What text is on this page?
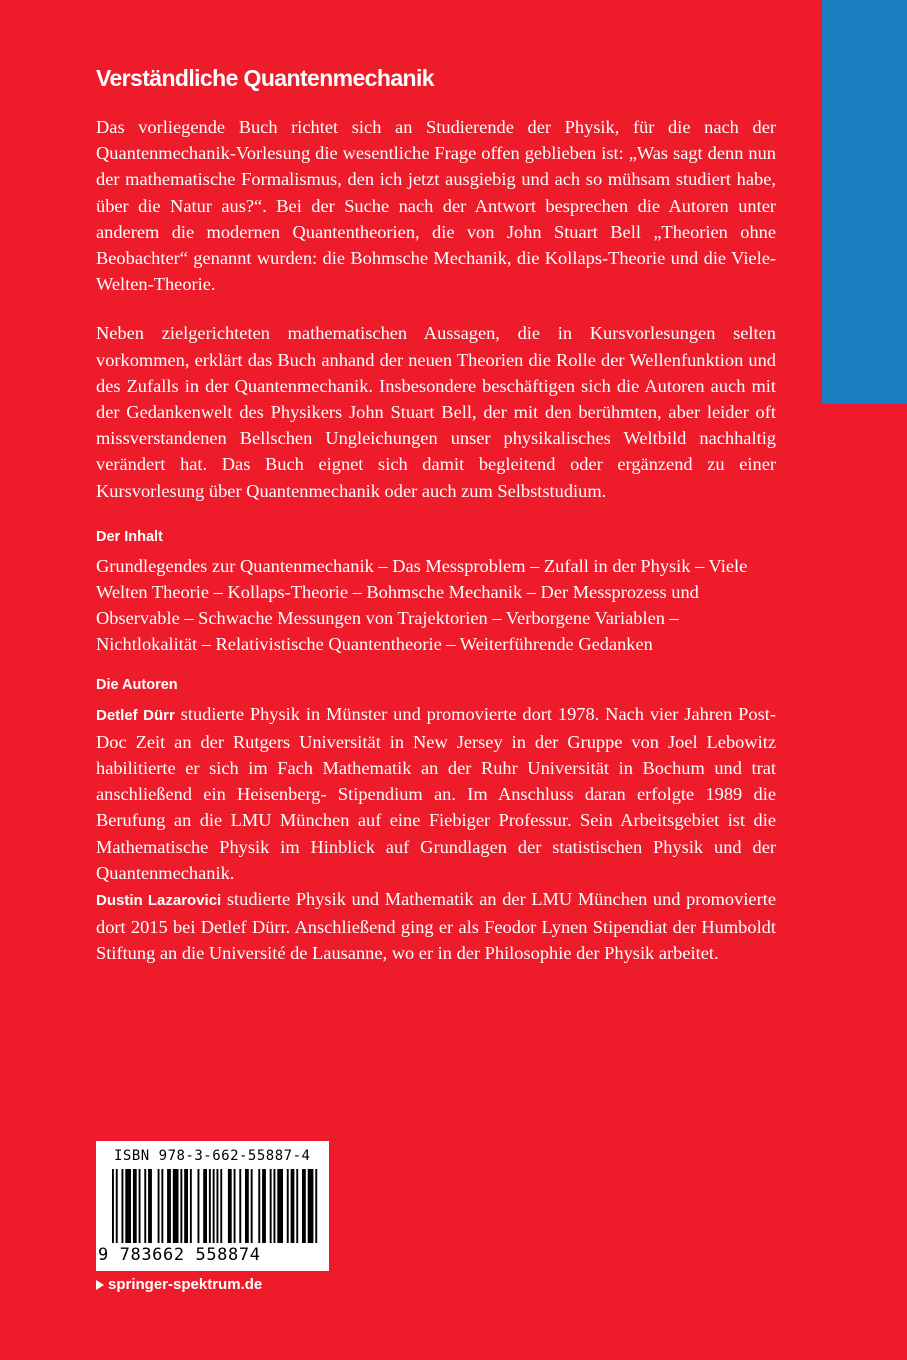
Verständliche Quantenmechanik

Das vorliegende Buch richtet sich an Studierende der Physik, für die nach der Quantenmechanik-Vorlesung die wesentliche Frage offen geblieben ist: „Was sagt denn nun der mathematische Formalismus, den ich jetzt ausgiebig und ach so mühsam studiert habe, über die Natur aus?“. Bei der Suche nach der Antwort besprechen die Autoren unter anderem die modernen Quantentheorien, die von John Stuart Bell „Theorien ohne Beobachter“ genannt wurden: die Bohmsche Mechanik, die Kollaps-Theorie und die Viele-Welten-Theorie.

Neben zielgerichteten mathematischen Aussagen, die in Kursvorlesungen selten vorkommen, erklärt das Buch anhand der neuen Theorien die Rolle der Wellenfunktion und des Zufalls in der Quantenmechanik. Insbesondere beschäftigen sich die Autoren auch mit der Gedankenwelt des Physikers John Stuart Bell, der mit den berühmten, aber leider oft missverstandenen Bellschen Ungleichungen unser physikalisches Weltbild nachhaltig verändert hat. Das Buch eignet sich damit begleitend oder ergänzend zu einer Kursvorlesung über Quantenmechanik oder auch zum Selbststudium.

Der Inhalt

Grundlegendes zur Quantenmechanik – Das Messproblem – Zufall in der Physik – Viele Welten Theorie – Kollaps-Theorie – Bohmsche Mechanik – Der Messprozess und Observable – Schwache Messungen von Trajektorien – Verborgene Variablen – Nichtlokalität – Relativistische Quantentheorie – Weiterführende Gedanken

Die Autoren

Detlef Dürr studierte Physik in Münster und promovierte dort 1978. Nach vier Jahren Post-Doc Zeit an der Rutgers Universität in New Jersey in der Gruppe von Joel Lebowitz habilitierte er sich im Fach Mathematik an der Ruhr Universität in Bochum und trat anschließend ein Heisenberg- Stipendium an. Im Anschluss daran erfolgte 1989 die Berufung an die LMU München auf eine Fiebiger Professur. Sein Arbeitsgebiet ist die Mathematische Physik im Hinblick auf Grundlagen der statistischen Physik und der Quantenmechanik.

Dustin Lazarovici studierte Physik und Mathematik an der LMU München und promovierte dort 2015 bei Detlef Dürr. Anschließend ging er als Feodor Lynen Stipendiat der Humboldt Stiftung an die Université de Lausanne, wo er in der Philosophie der Physik arbeitet.

ISBN 978-3-662-55887-4
9 783662 558874
springer-spektrum.de
